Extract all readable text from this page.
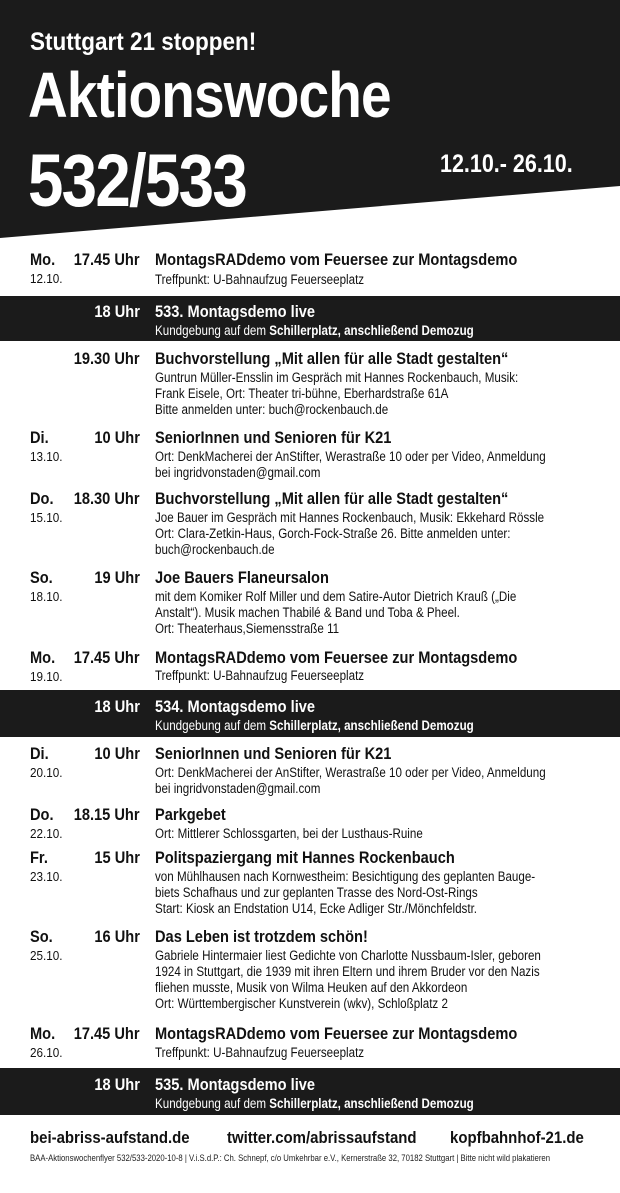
Stuttgart 21 stoppen!
Aktionswoche
532/533	12.10.- 26.10.
Mo.	17.45 Uhr
12.10.
MontagsRADdemo vom Feuersee zur Montagsdemo
Treffpunkt: U-Bahnaufzug Feuerseeplatz
18 Uhr 533. Montagsdemo live
Kundgebung auf dem Schillerplatz, anschließend Demozug
19.30 Uhr Buchvorstellung „Mit allen für alle Stadt gestalten“
Guntrun Müller-Ensslin im Gespräch mit Hannes Rockenbauch, Musik:
Frank Eisele, Ort: Theater tri-bühne, Eberhardstraße 61A
Bitte anmelden unter: buch@rockenbauch.de
Di.	10 Uhr
13.10.
SeniorInnen und Senioren für K21
Ort: DenkMacherei der AnStifter, Werastraße 10 oder per Video, Anmeldung
bei ingridvonstaden@gmail.com
Do.	18.30 Uhr
15.10.
Buchvorstellung „Mit allen für alle Stadt gestalten“
Joe Bauer im Gespräch mit Hannes Rockenbauch, Musik: Ekkehard Rössle
Ort: Clara-Zetkin-Haus, Gorch-Fock-Straße 26. Bitte anmelden unter:
buch@rockenbauch.de
So.	19 Uhr
18.10.
Joe Bauers Flaneursalon
mit dem Komiker Rolf Miller und dem Satire-Autor Dietrich Krauß („Die
Anstalt“). Musik machen Thabilé & Band und Toba & Pheel.
Ort: Theaterhaus,Siemensstraße 11
Mo.	17.45 Uhr
19.10.
MontagsRADdemo vom Feuersee zur Montagsdemo
Treffpunkt: U-Bahnaufzug Feuerseeplatz
18 Uhr 534. Montagsdemo live
Kundgebung auf dem Schillerplatz, anschließend Demozug
Di.	10 Uhr
20.10.
SeniorInnen und Senioren für K21
Ort: DenkMacherei der AnStifter, Werastraße 10 oder per Video, Anmeldung
bei ingridvonstaden@gmail.com
Do.	18.15 Uhr
22.10.
Parkgebet
Ort: Mittlerer Schlossgarten, bei der Lusthaus-Ruine
Fr.	15 Uhr
23.10.
Politspaziergang mit Hannes Rockenbauch
von Mühlhausen nach Kornwestheim: Besichtigung des geplanten Bauge-
biets Schafhaus und zur geplanten Trasse des Nord-Ost-Rings
Start: Kiosk an Endstation U14, Ecke Adliger Str./Mönchfeldstr.
So.	16 Uhr
25.10.
Das Leben ist trotzdem schön!
Gabriele Hintermaier liest Gedichte von Charlotte Nussbaum-Isler, geboren
1924 in Stuttgart, die 1939 mit ihren Eltern und ihrem Bruder vor den Nazis
fliehen musste, Musik von Wilma Heuken auf den Akkordeon
Ort: Württembergischer Kunstverein (wkv), Schloßplatz 2
Mo.	17.45 Uhr
26.10.
MontagsRADdemo vom Feuersee zur Montagsdemo
Treffpunkt: U-Bahnaufzug Feuerseeplatz
18 Uhr 535. Montagsdemo live
Kundgebung auf dem Schillerplatz, anschließend Demozug
bei-abriss-aufstand.de twitter.com/abrissaufstand kopfbahnhof-21.de
BAA-Aktionswochenflyer 532/533-2020-10-8 | V.i.S.d.P.: Ch. Schnepf, c/o Umkehrbar e.V., Kernerstraße 32, 70182 Stuttgart | Bitte nicht wild plakatieren
